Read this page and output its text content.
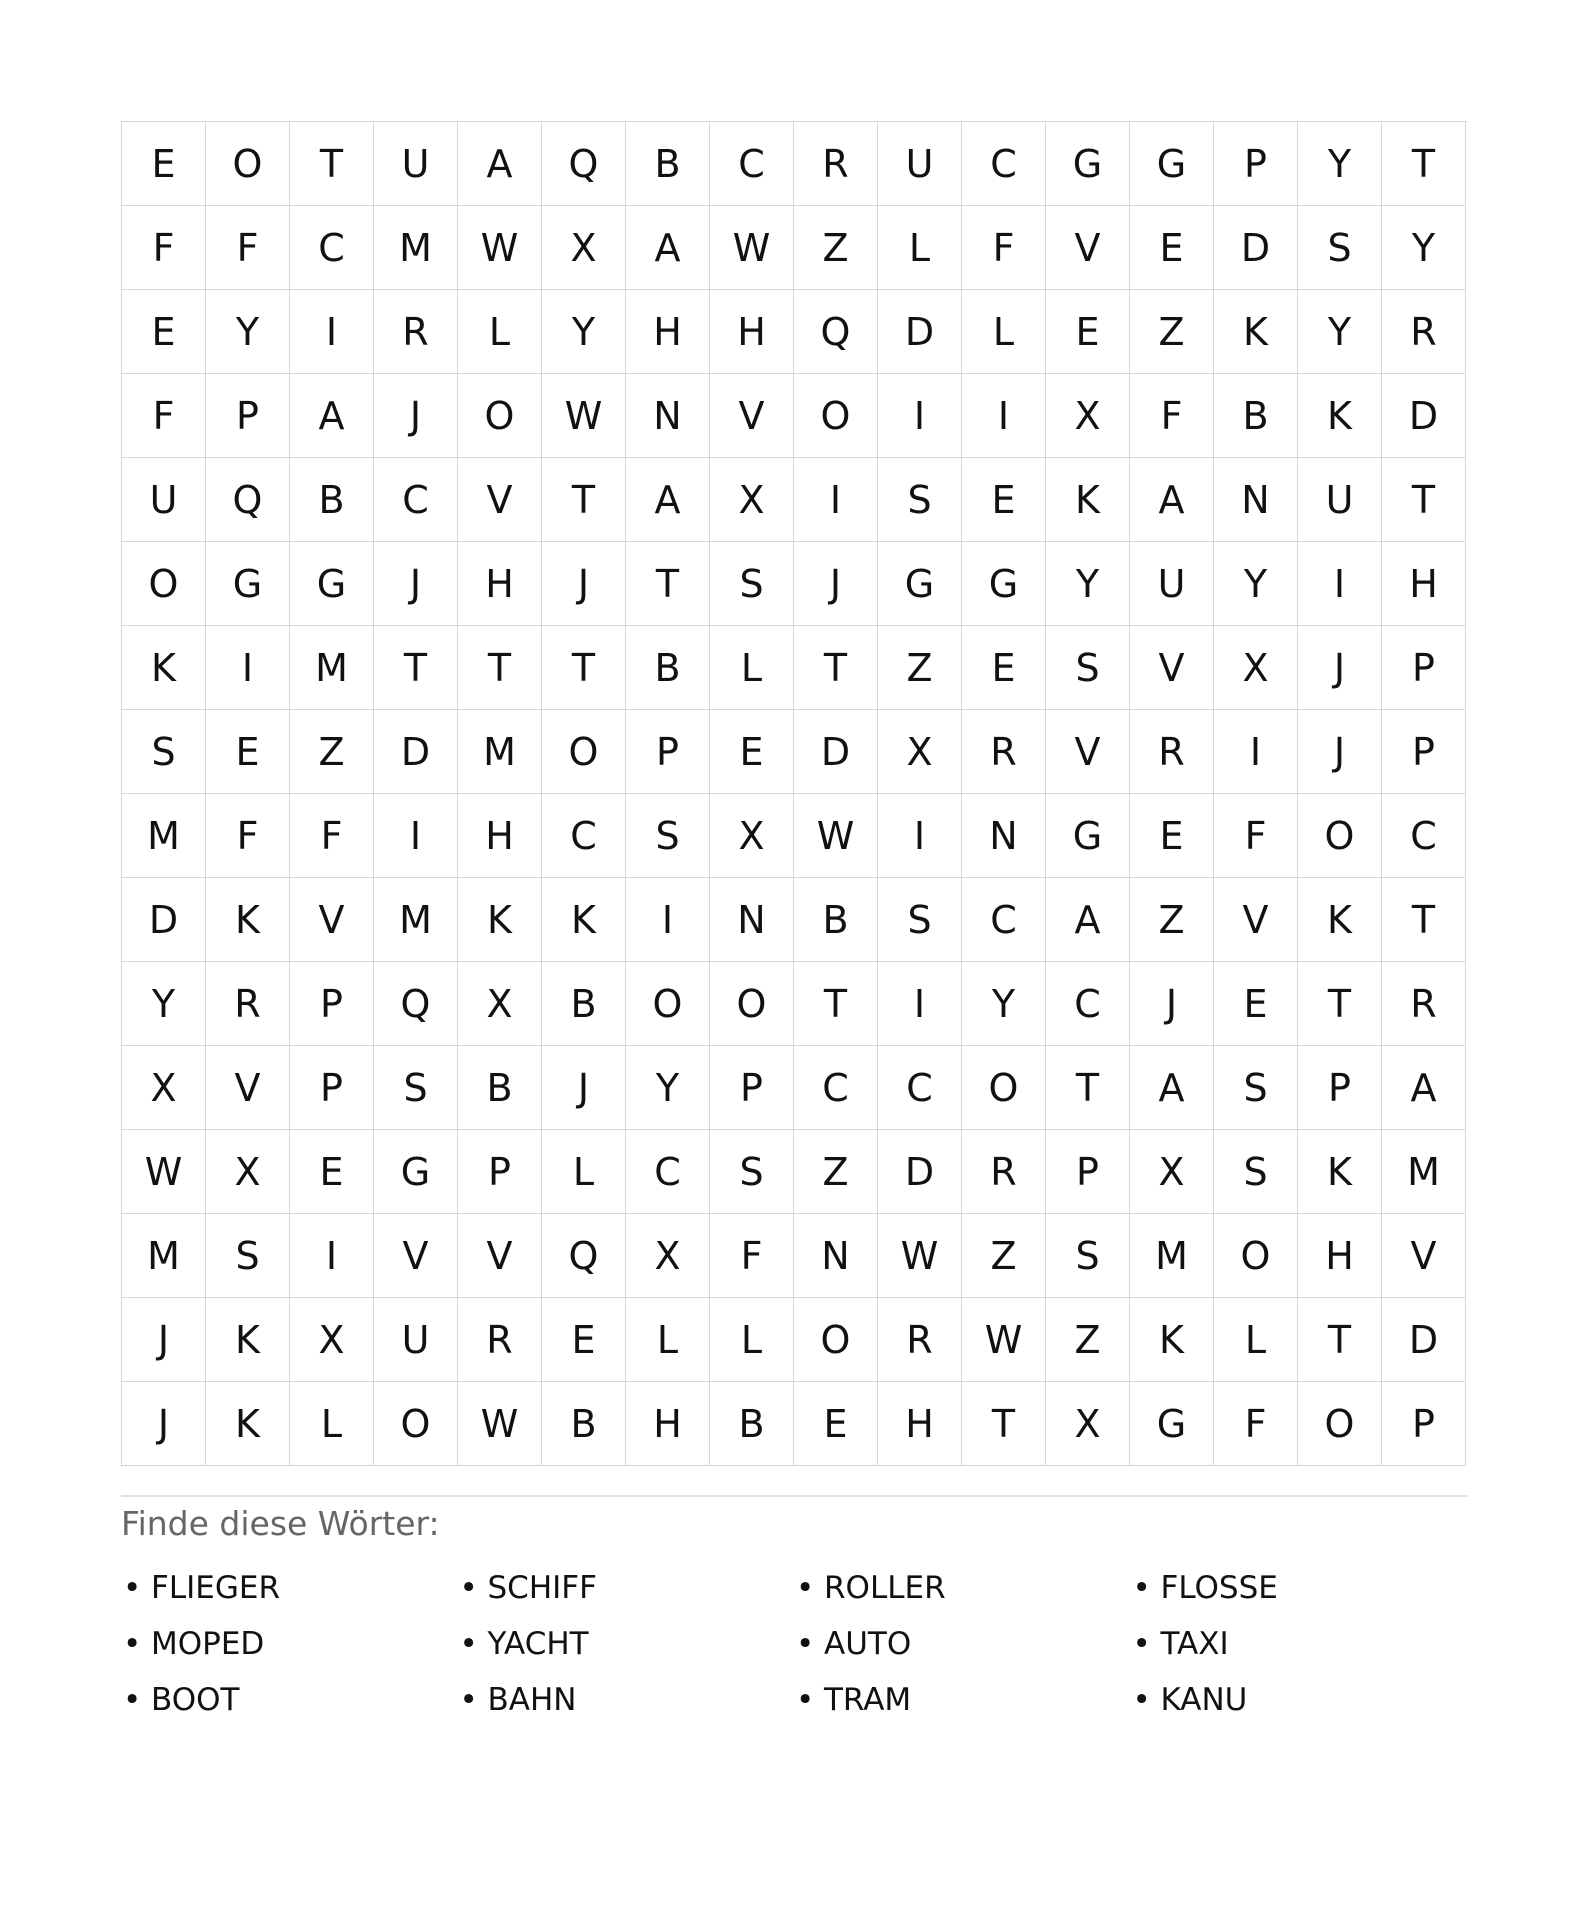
E	O	T	U	A	Q	B	C	R	U	C	G	G	P	Y	T
F	F	C	M	W	X	A	W	Z	L	F	V	E	D	S	Y
E	Y	I	R	L	Y	H	H	Q	D	L	E	Z	K	Y	R
F	P	A	J	O	W	N	V	O	I	I	X	F	B	K	D
U	Q	B	C	V	T	A	X	I	S	E	K	A	N	U	T
O	G	G	J	H	J	T	S	J	G	G	Y	U	Y	I	H
K	I	M	T	T	T	B	L	T	Z	E	S	V	X	J	P
S	E	Z	D	M	O	P	E	D	X	R	V	R	I	J	P
M	F	F	I	H	C	S	X	W	I	N	G	E	F	O	C
D	K	V	M	K	K	I	N	B	S	C	A	Z	V	K	T
Y	R	P	Q	X	B	O	O	T	I	Y	C	J	E	T	R
X	V	P	S	B	J	Y	P	C	C	O	T	A	S	P	A
W	X	E	G	P	L	C	S	Z	D	R	P	X	S	K	M
M	S	I	V	V	Q	X	F	N	W	Z	S	M	O	H	V
J	K	X	U	R	E	L	L	O	R	W	Z	K	L	T	D
J	K	L	O	W	B	H	B	E	H	T	X	G	F	O	P
Finde diese Wörter:
• FLIEGER	• SCHIFF	• ROLLER	• FLOSSE
• MOPED	• YACHT	• AUTO	• TAXI
• BOOT	• BAHN	• TRAM	• KANU
